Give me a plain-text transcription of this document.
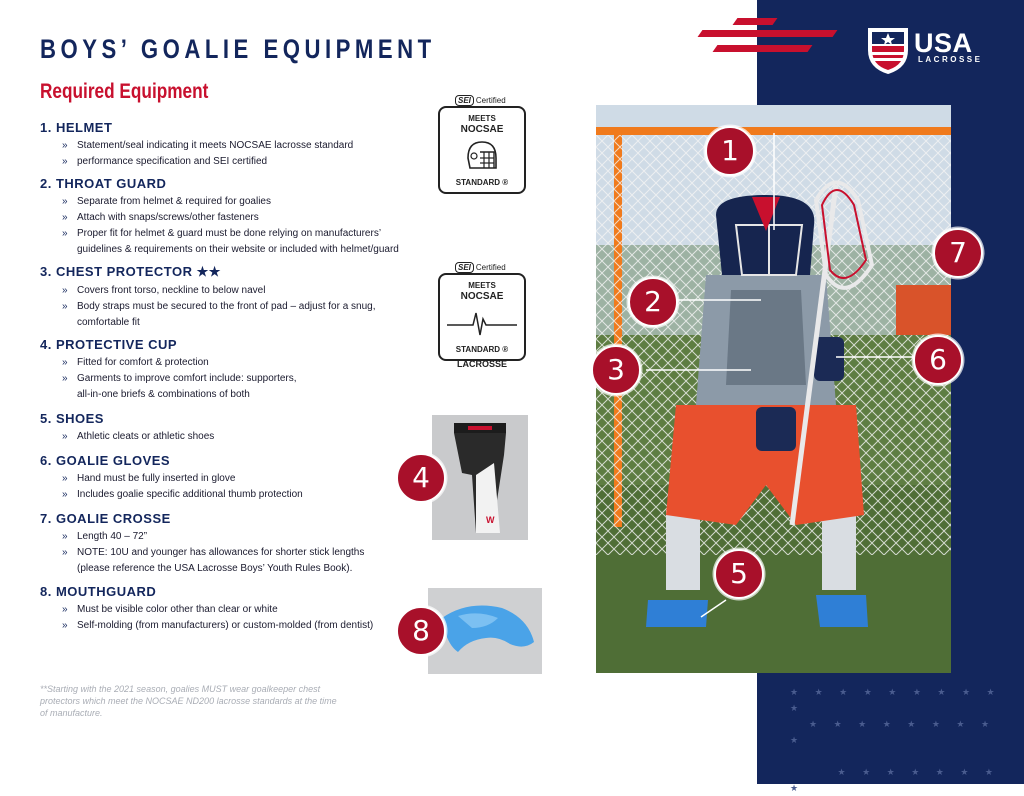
★ ★ ★ ★ ★ ★ ★ ★ ★ ★
★ ★ ★ ★ ★ ★ ★ ★ ★

★ ★ ★ ★ ★ ★ ★ ★
USA
LACROSSE
BOYS’ GOALIE EQUIPMENT
Required Equipment
1. HELMET
» Statement/seal indicating it meets NOCSAE lacrosse standard
» performance specification and SEI certified
2. THROAT GUARD
» Separate from helmet & required for goalies
» Attach with snaps/screws/other fasteners
» Proper fit for helmet & guard must be done relying on manufacturers’
guidelines & requirements on their website or included with helmet/guard
3. CHEST PROTECTOR ★★
» Covers front torso, neckline to below navel
» Body straps must be secured to the front of pad – adjust for a snug,
comfortable fit
4. PROTECTIVE CUP
» Fitted for comfort & protection
» Garments to improve comfort include: supporters,
all-in-one briefs & combinations of both
5. SHOES
» Athletic cleats or athletic shoes
6. GOALIE GLOVES
» Hand must be fully inserted in glove
» Includes goalie specific additional thumb protection
7. GOALIE CROSSE
» Length 40 – 72”
» NOTE: 10U and younger has allowances for shorter stick lengths
(please reference the USA Lacrosse Boys’ Youth Rules Book).
8. MOUTHGUARD
» Must be visible color other than clear or white
» Self-molding (from manufacturers) or custom-molded (from dentist)
**Starting with the 2021 season, goalies MUST wear goalkeeper chest protectors which meet the NOCSAE ND200 lacrosse standards at the time of manufacture.
SEI Certified
MEETS
NOCSAE
STANDARD ®
SEI Certified
MEETS
NOCSAE
STANDARD ®
LACROSSE
W
1
2
3
4
5
6
7
8
